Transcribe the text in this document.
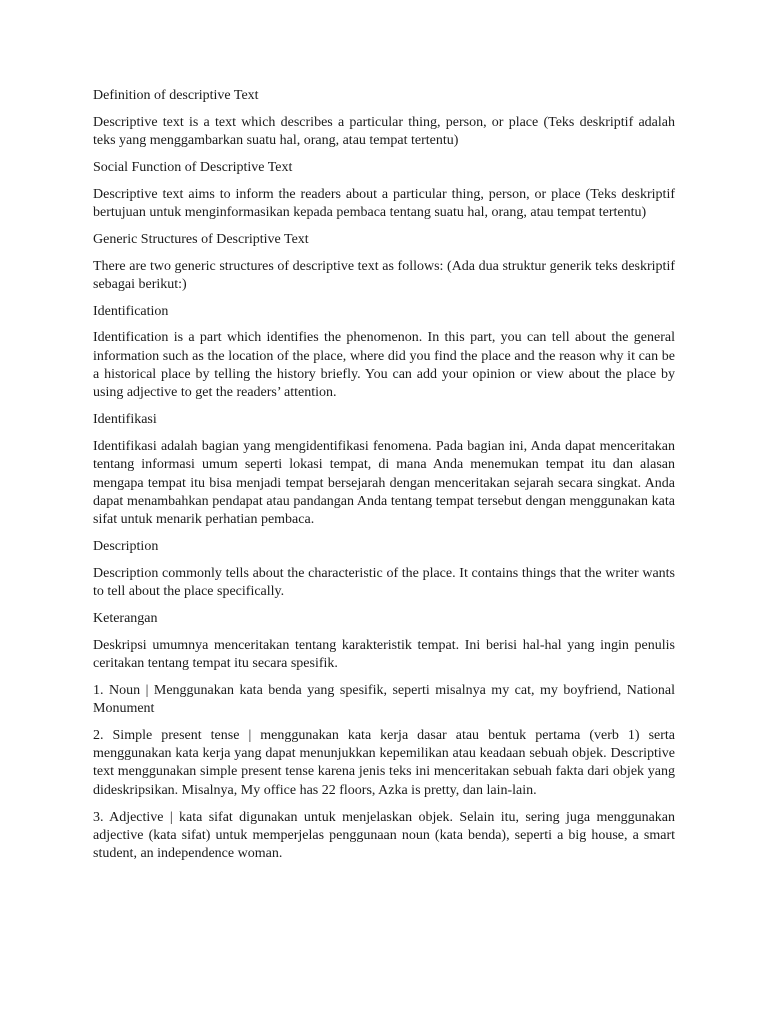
Definition of descriptive Text

Descriptive text is a text which describes a particular thing, person, or place (Teks deskriptif adalah teks yang menggambarkan suatu hal, orang, atau tempat tertentu)

Social Function of Descriptive Text

Descriptive text aims to inform the readers about a particular thing, person, or place (Teks deskriptif bertujuan untuk menginformasikan kepada pembaca tentang suatu hal, orang, atau tempat tertentu)

Generic Structures of Descriptive Text

There are two generic structures of descriptive text as follows: (Ada dua struktur generik teks deskriptif sebagai berikut:)

Identification

Identification is a part which identifies the phenomenon. In this part, you can tell about the general information such as the location of the place, where did you find the place and the reason why it can be a historical place by telling the history briefly. You can add your opinion or view about the place by using adjective to get the readers’ attention.

Identifikasi

Identifikasi adalah bagian yang mengidentifikasi fenomena. Pada bagian ini, Anda dapat menceritakan tentang informasi umum seperti lokasi tempat, di mana Anda menemukan tempat itu dan alasan mengapa tempat itu bisa menjadi tempat bersejarah dengan menceritakan sejarah secara singkat. Anda dapat menambahkan pendapat atau pandangan Anda tentang tempat tersebut dengan menggunakan kata sifat untuk menarik perhatian pembaca.

Description

Description commonly tells about the characteristic of the place. It contains things that the writer wants to tell about the place specifically.

Keterangan

Deskripsi umumnya menceritakan tentang karakteristik tempat. Ini berisi hal-hal yang ingin penulis ceritakan tentang tempat itu secara spesifik.

1. Noun | Menggunakan kata benda yang spesifik, seperti misalnya my cat, my boyfriend, National Monument

2. Simple present tense | menggunakan kata kerja dasar atau bentuk pertama (verb 1) serta menggunakan kata kerja yang dapat menunjukkan kepemilikan atau keadaan sebuah objek. Descriptive text menggunakan simple present tense karena jenis teks ini menceritakan sebuah fakta dari objek yang dideskripsikan. Misalnya, My office has 22 floors, Azka is pretty, dan lain-lain.

3. Adjective | kata sifat digunakan untuk menjelaskan objek. Selain itu, sering juga menggunakan adjective (kata sifat) untuk memperjelas penggunaan noun (kata benda), seperti a big house, a smart student, an independence woman.
